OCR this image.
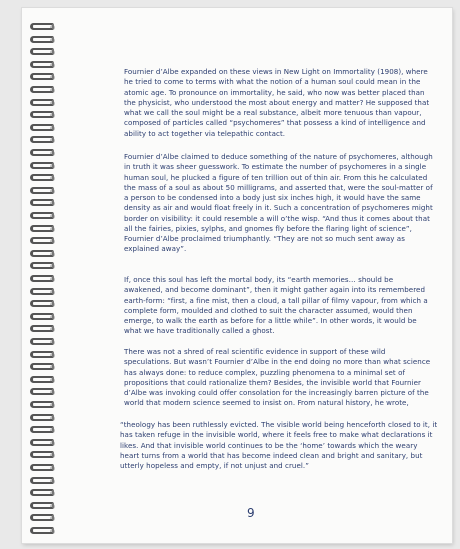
Fournier d’Albe expanded on these views in New Light on Immortality (1908), where he tried to come to terms with what the notion of a human soul could mean in the atomic age. To pronounce on immortality, he said, who now was better placed than the physicist, who understood the most about energy and matter? He supposed that what we call the soul might be a real substance, albeit more tenuous than vapour, composed of particles called “psychomeres” that possess a kind of intelligence and ability to act together via telepathic contact.

Fournier d’Albe claimed to deduce something of the nature of psychomeres, although in truth it was sheer guesswork. To estimate the number of psychomeres in a single human soul, he plucked a figure of ten trillion out of thin air. From this he calculated the mass of a soul as about 50 milligrams, and asserted that, were the soul-matter of a person to be condensed into a body just six inches high, it would have the same density as air and would float freely in it. Such a concentration of psychomeres might border on visibility: it could resemble a will o’the wisp. “And thus it comes about that all the fairies, pixies, sylphs, and gnomes fly before the flaring light of science”, Fournier d’Albe proclaimed triumphantly. “They are not so much sent away as explained away”.

If, once this soul has left the mortal body, its “earth memories… should be awakened, and become dominant”, then it might gather again into its remembered earth-form: “first, a fine mist, then a cloud, a tall pillar of filmy vapour, from which a complete form, moulded and clothed to suit the character assumed, would then emerge, to walk the earth as before for a little while”. In other words, it would be what we have traditionally called a ghost.

There was not a shred of real scientific evidence in support of these wild speculations. But wasn’t Fournier d’Albe in the end doing no more than what science has always done: to reduce complex, puzzling phenomena to a minimal set of propositions that could rationalize them? Besides, the invisible world that Fournier d’Albe was invoking could offer consolation for the increasingly barren picture of the world that modern science seemed to insist on. From natural history, he wrote,

“theology has been ruthlessly evicted. The visible world being henceforth closed to it, it has taken refuge in the invisible world, where it feels free to make what declarations it likes. And that invisible world continues to be the ‘home’ towards which the weary heart turns from a world that has become indeed clean and bright and sanitary, but utterly hopeless and empty, if not unjust and cruel.”

9
